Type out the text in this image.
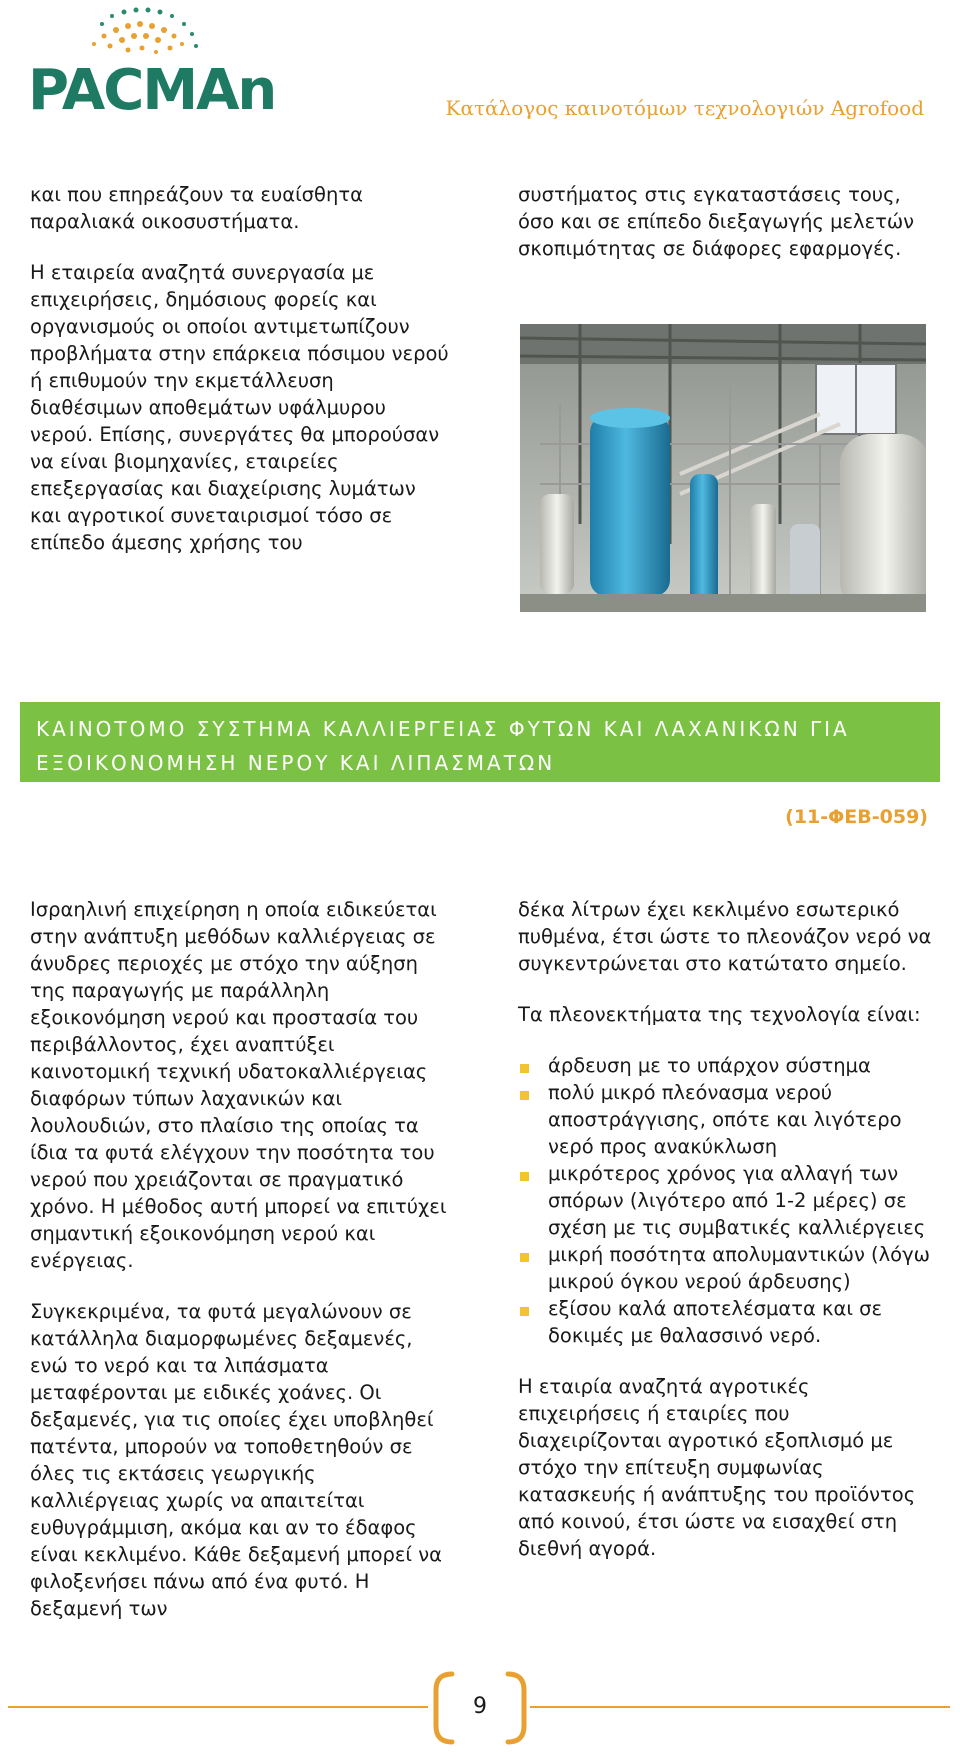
PACMAn	Κατάλογος καινοτόμων τεχνολογιών Agrofood

και που επηρεάζουν τα ευαίσθητα παραλιακά οικοσυστήματα.

Η εταιρεία αναζητά συνεργασία με επιχειρήσεις, δημόσιους φορείς και οργανισμούς οι οποίοι αντιμετωπίζουν προβλήματα στην επάρκεια πόσιμου νερού ή επιθυμούν την εκμετάλλευση διαθέσιμων αποθεμάτων υφάλμυρου νερού. Επίσης, συνεργάτες θα μπορούσαν να είναι βιομηχανίες, εταιρείες επεξεργασίας και διαχείρισης λυμάτων και αγροτικοί συνεταιρισμοί τόσο σε επίπεδο άμεσης χρήσης του

συστήματος στις εγκαταστάσεις τους, όσο και σε επίπεδο διεξαγωγής μελετών σκοπιμότητας σε διάφορες εφαρμογές.

ΚΑΙΝΟΤΟΜΟ ΣΥΣΤΗΜΑ ΚΑΛΛΙΕΡΓΕΙΑΣ ΦΥΤΩΝ ΚΑΙ ΛΑΧΑΝΙΚΩΝ ΓΙΑ
ΕΞΟΙΚΟΝΟΜΗΣΗ ΝΕΡΟΥ ΚΑΙ ΛΙΠΑΣΜΑΤΩΝ
(11-ΦΕΒ-059)

Ισραηλινή επιχείρηση η οποία ειδικεύεται στην ανάπτυξη μεθόδων καλλιέργειας σε άνυδρες περιοχές με στόχο την αύξηση της παραγωγής με παράλληλη εξοικονόμηση νερού και προστασία του περιβάλλοντος, έχει αναπτύξει καινοτομική τεχνική υδατοκαλλιέργειας διαφόρων τύπων λαχανικών και λουλουδιών, στο πλαίσιο της οποίας τα ίδια τα φυτά ελέγχουν την ποσότητα του νερού που χρειάζονται σε πραγματικό χρόνο. Η μέθοδος αυτή μπορεί να επιτύχει σημαντική εξοικονόμηση νερού και ενέργειας.

Συγκεκριμένα, τα φυτά μεγαλώνουν σε κατάλληλα διαμορφωμένες δεξαμενές, ενώ το νερό και τα λιπάσματα μεταφέρονται με ειδικές χοάνες. Οι δεξαμενές, για τις οποίες έχει υποβληθεί πατέντα, μπορούν να τοποθετηθούν σε όλες τις εκτάσεις γεωργικής καλλιέργειας χωρίς να απαιτείται ευθυγράμμιση, ακόμα και αν το έδαφος είναι κεκλιμένο. Κάθε δεξαμενή μπορεί να φιλοξενήσει πάνω από ένα φυτό. Η δεξαμενή των

δέκα λίτρων έχει κεκλιμένο εσωτερικό πυθμένα, έτσι ώστε το πλεονάζον νερό να συγκεντρώνεται στο κατώτατο σημείο.

Τα πλεονεκτήματα της τεχνολογία είναι:

άρδευση με το υπάρχον σύστημα
πολύ μικρό πλεόνασμα νερού αποστράγγισης, οπότε και λιγότερο νερό προς ανακύκλωση
μικρότερος χρόνος για αλλαγή των σπόρων (λιγότερο από 1-2 μέρες) σε σχέση με τις συμβατικές καλλιέργειες
μικρή ποσότητα απολυμαντικών (λόγω μικρού όγκου νερού άρδευσης)
εξίσου καλά αποτελέσματα και σε δοκιμές με θαλασσινό νερό.

Η εταιρία αναζητά αγροτικές επιχειρήσεις ή εταιρίες που διαχειρίζονται αγροτικό εξοπλισμό με στόχο την επίτευξη συμφωνίας κατασκευής ή ανάπτυξης του προϊόντος από κοινού, έτσι ώστε να εισαχθεί στη διεθνή αγορά.

9
